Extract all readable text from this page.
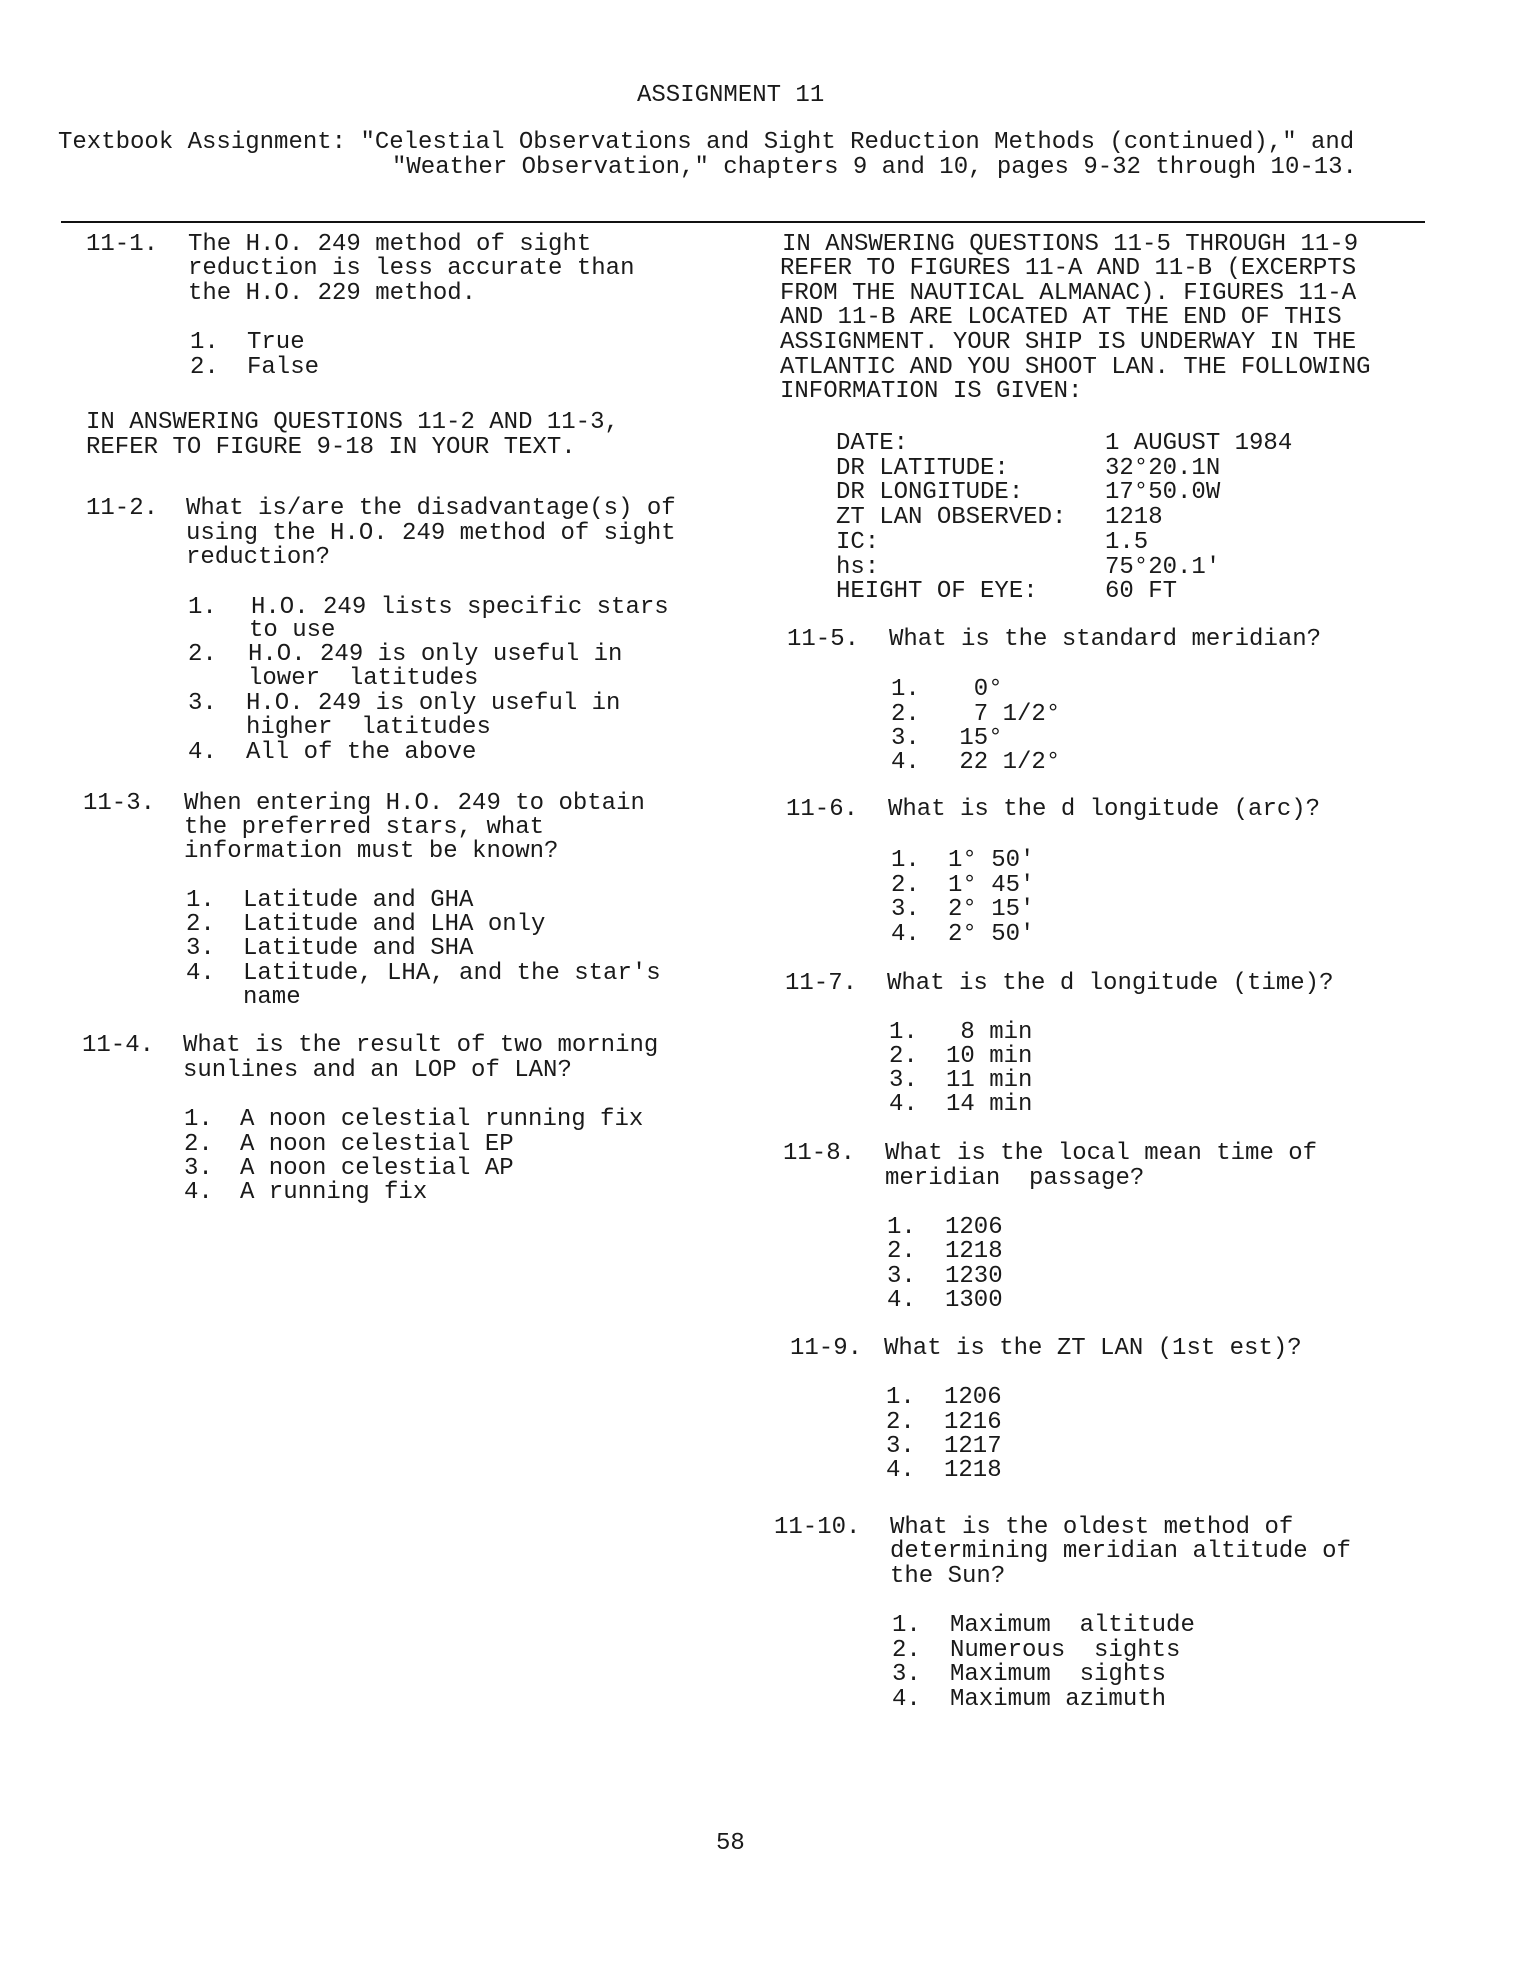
ASSIGNMENT 11
Textbook Assignment: "Celestial Observations and Sight Reduction Methods (continued)," and
"Weather Observation," chapters 9 and 10, pages 9-32 through 10-13.
11-1. The H.O. 249 method of sight
reduction is less accurate than
the H.O. 229 method.
1. True
2. False
IN ANSWERING QUESTIONS 11-2 AND 11-3,
REFER TO FIGURE 9-18 IN YOUR TEXT.
11-2. What is/are the disadvantage(s) of
using the H.O. 249 method of sight
reduction?
1. H.O. 249 lists specific stars
to use
2. H.O. 249 is only useful in
lower  latitudes
3. H.O. 249 is only useful in
higher  latitudes
4. All of the above
11-3. When entering H.O. 249 to obtain
the preferred stars, what
information must be known?
1. Latitude and GHA
2. Latitude and LHA only
3. Latitude and SHA
4. Latitude, LHA, and the star's
name
11-4. What is the result of two morning
sunlines and an LOP of LAN?
1. A noon celestial running fix
2. A noon celestial EP
3. A noon celestial AP
4. A running fix
IN ANSWERING QUESTIONS 11-5 THROUGH 11-9
REFER TO FIGURES 11-A AND 11-B (EXCERPTS
FROM THE NAUTICAL ALMANAC). FIGURES 11-A
AND 11-B ARE LOCATED AT THE END OF THIS
ASSIGNMENT. YOUR SHIP IS UNDERWAY IN THE
ATLANTIC AND YOU SHOOT LAN. THE FOLLOWING
INFORMATION IS GIVEN:
DATE:	1 AUGUST 1984
DR LATITUDE:	32°20.1N
DR LONGITUDE:	17°50.0W
ZT LAN OBSERVED: 1218
IC:	1.5
hs:	75°20.1'
HEIGHT OF EYE:	60 FT
11-5. What is the standard meridian?
1. 0°
2. 7 1/2°
3. 15°
4. 22 1/2°
11-6. What is the d longitude (arc)?
1. 1° 50'
2. 1° 45'
3. 2° 15'
4. 2° 50'
11-7. What is the d longitude (time)?
1. 8 min
2. 10 min
3. 11 min
4. 14 min
11-8. What is the local mean time of
meridian  passage?
1. 1206
2. 1218
3. 1230
4. 1300
11-9. What is the ZT LAN (1st est)?
1. 1206
2. 1216
3. 1217
4. 1218
11-10. What is the oldest method of
determining meridian altitude of
the Sun?
1. Maximum  altitude
2. Numerous  sights
3. Maximum  sights
4. Maximum azimuth
58
